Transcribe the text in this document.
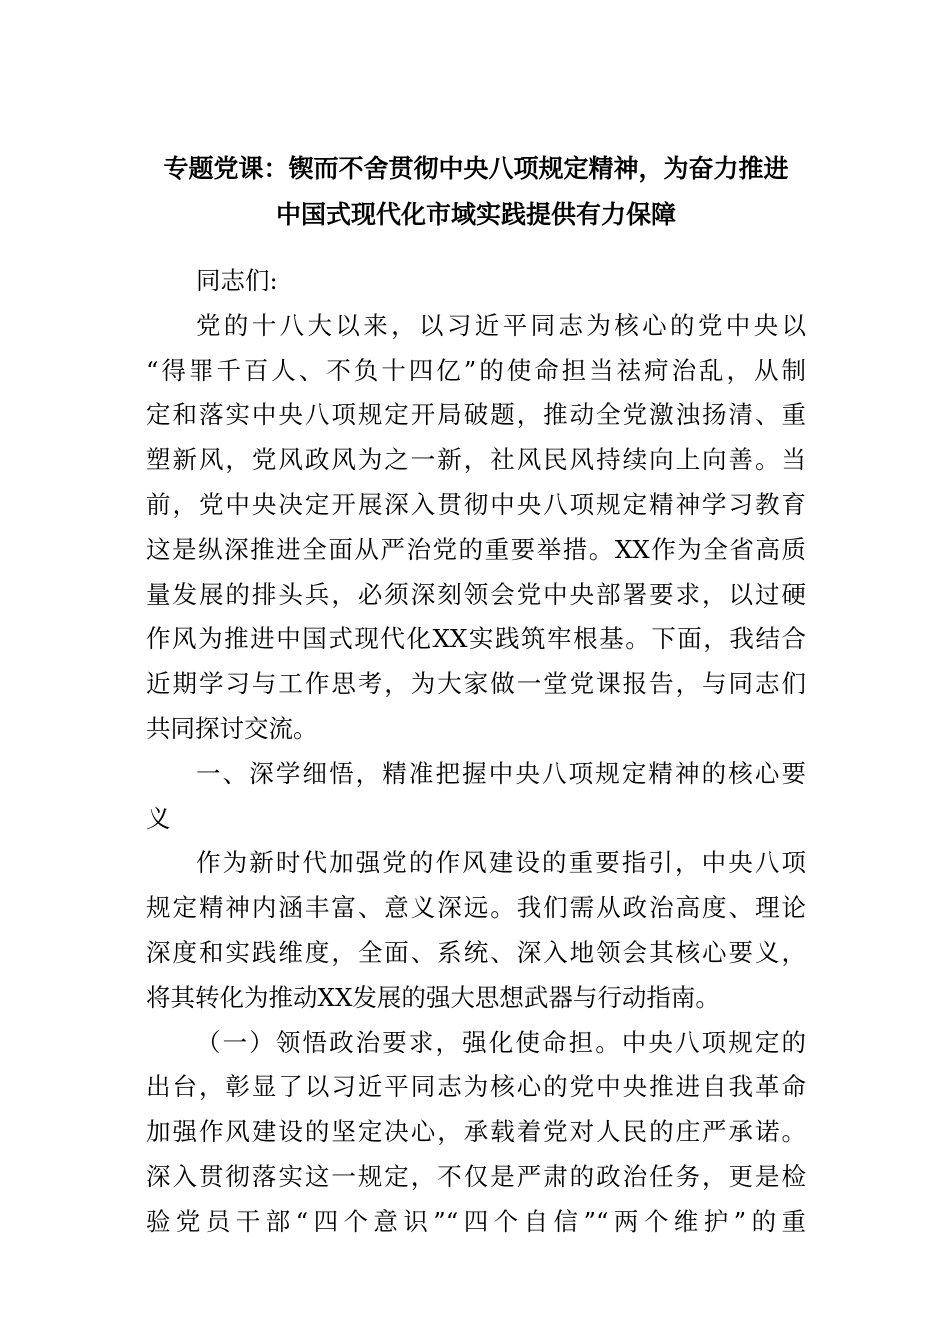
专题党课：锲而不舍贯彻中央八项规定精神，为奋力推进
中国式现代化市域实践提供有力保障
同志们:
党的十八大以来，以习近平同志为核心的党中央以
“得罪千百人、不负十四亿”的使命担当祛疴治乱，从制
定和落实中央八项规定开局破题，推动全党激浊扬清、重
塑新风，党风政风为之一新，社风民风持续向上向善。当
前，党中央决定开展深入贯彻中央八项规定精神学习教育
这是纵深推进全面从严治党的重要举措。XX作为全省高质
量发展的排头兵，必须深刻领会党中央部署要求，以过硬
作风为推进中国式现代化XX实践筑牢根基。下面，我结合
近期学习与工作思考，为大家做一堂党课报告，与同志们
共同探讨交流。
一、深学细悟，精准把握中央八项规定精神的核心要
义
作为新时代加强党的作风建设的重要指引，中央八项
规定精神内涵丰富、意义深远。我们需从政治高度、理论
深度和实践维度，全面、系统、深入地领会其核心要义，
将其转化为推动XX发展的强大思想武器与行动指南。
（一）领悟政治要求，强化使命担。中央八项规定的
出台，彰显了以习近平同志为核心的党中央推进自我革命
加强作风建设的坚定决心，承载着党对人民的庄严承诺。
深入贯彻落实这一规定，不仅是严肃的政治任务，更是检
验党员干部“四个意识”“四个自信”“两个维护”的重
